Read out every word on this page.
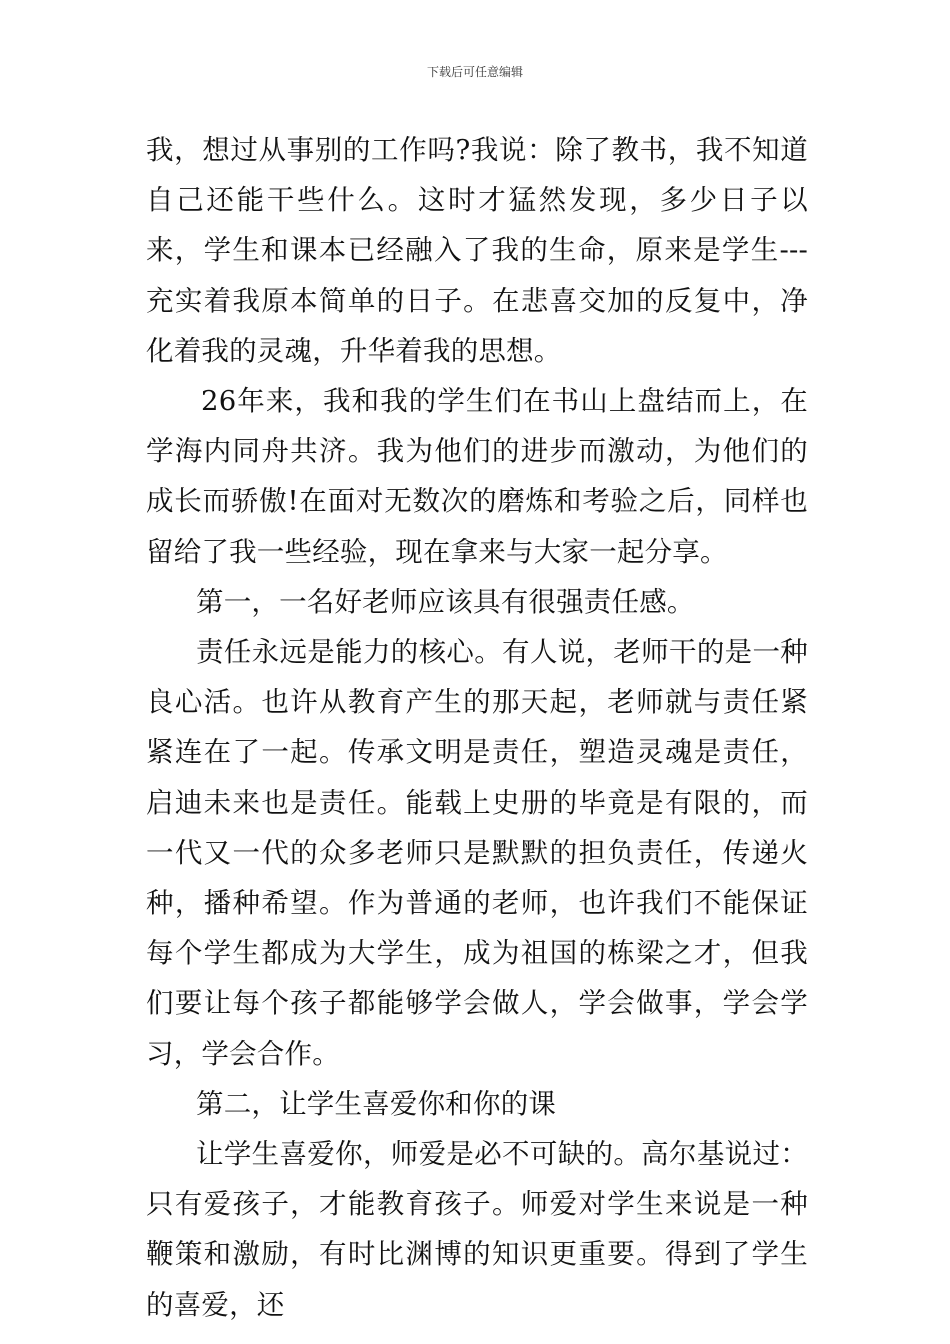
下载后可任意编辑

我，想过从事别的工作吗?我说：除了教书，我不知道自己还能干些什么。这时才猛然发现，多少日子以来，学生和课本已经融入了我的生命，原来是学生---充实着我原本简单的日子。在悲喜交加的反复中，净化着我的灵魂，升华着我的思想。

26年来，我和我的学生们在书山上盘结而上，在学海内同舟共济。我为他们的进步而激动，为他们的成长而骄傲!在面对无数次的磨炼和考验之后，同样也留给了我一些经验，现在拿来与大家一起分享。

第一，一名好老师应该具有很强责任感。

责任永远是能力的核心。有人说，老师干的是一种良心活。也许从教育产生的那天起，老师就与责任紧紧连在了一起。传承文明是责任，塑造灵魂是责任，启迪未来也是责任。能载上史册的毕竟是有限的，而一代又一代的众多老师只是默默的担负责任，传递火种，播种希望。作为普通的老师，也许我们不能保证每个学生都成为大学生，成为祖国的栋梁之才，但我们要让每个孩子都能够学会做人，学会做事，学会学习，学会合作。

第二，让学生喜爱你和你的课

让学生喜爱你，师爱是必不可缺的。高尔基说过：只有爱孩子，才能教育孩子。师爱对学生来说是一种鞭策和激励，有时比渊博的知识更重要。得到了学生的喜爱，还
